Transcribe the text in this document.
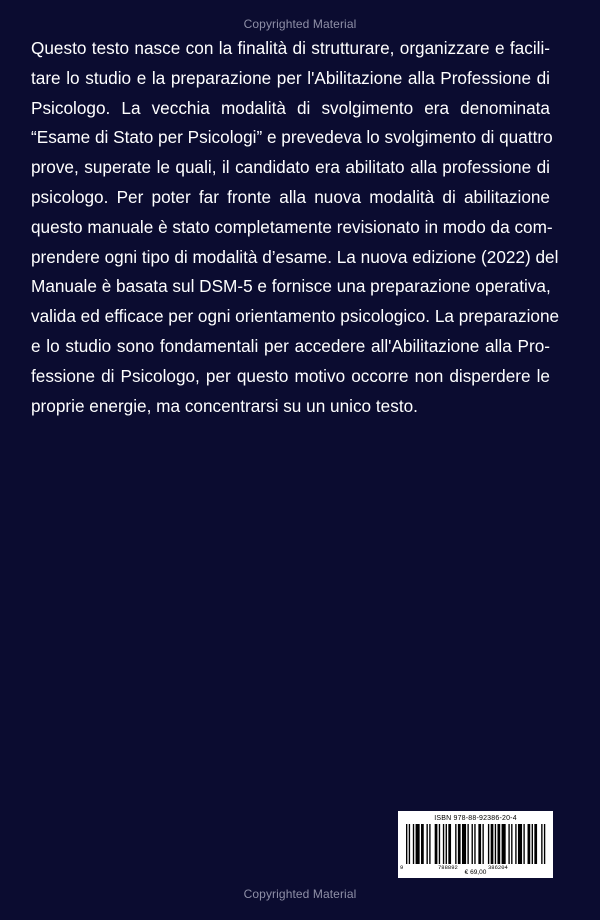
Copyrighted Material
Questo testo nasce con la finalità di strutturare, organizzare e facili-
tare lo studio e la preparazione per l'Abilitazione alla Professione di
Psicologo. La vecchia modalità di svolgimento era denominata
“Esame di Stato per Psicologi” e prevedeva lo svolgimento di quattro
prove, superate le quali, il candidato era abilitato alla professione di
psicologo. Per poter far fronte alla nuova modalità di abilitazione
questo manuale è stato completamente revisionato in modo da com-
prendere ogni tipo di modalità d’esame. La nuova edizione (2022) del
Manuale è basata sul DSM-5 e fornisce una preparazione operativa,
valida ed efficace per ogni orientamento psicologico. La preparazione
e lo studio sono fondamentali per accedere all'Abilitazione alla Pro-
fessione di Psicologo, per questo motivo occorre non disperdere le
proprie energie, ma concentrarsi su un unico testo.
ISBN 978-88-92386-20-4
9	788892	386204
€ 69,00
Copyrighted Material
